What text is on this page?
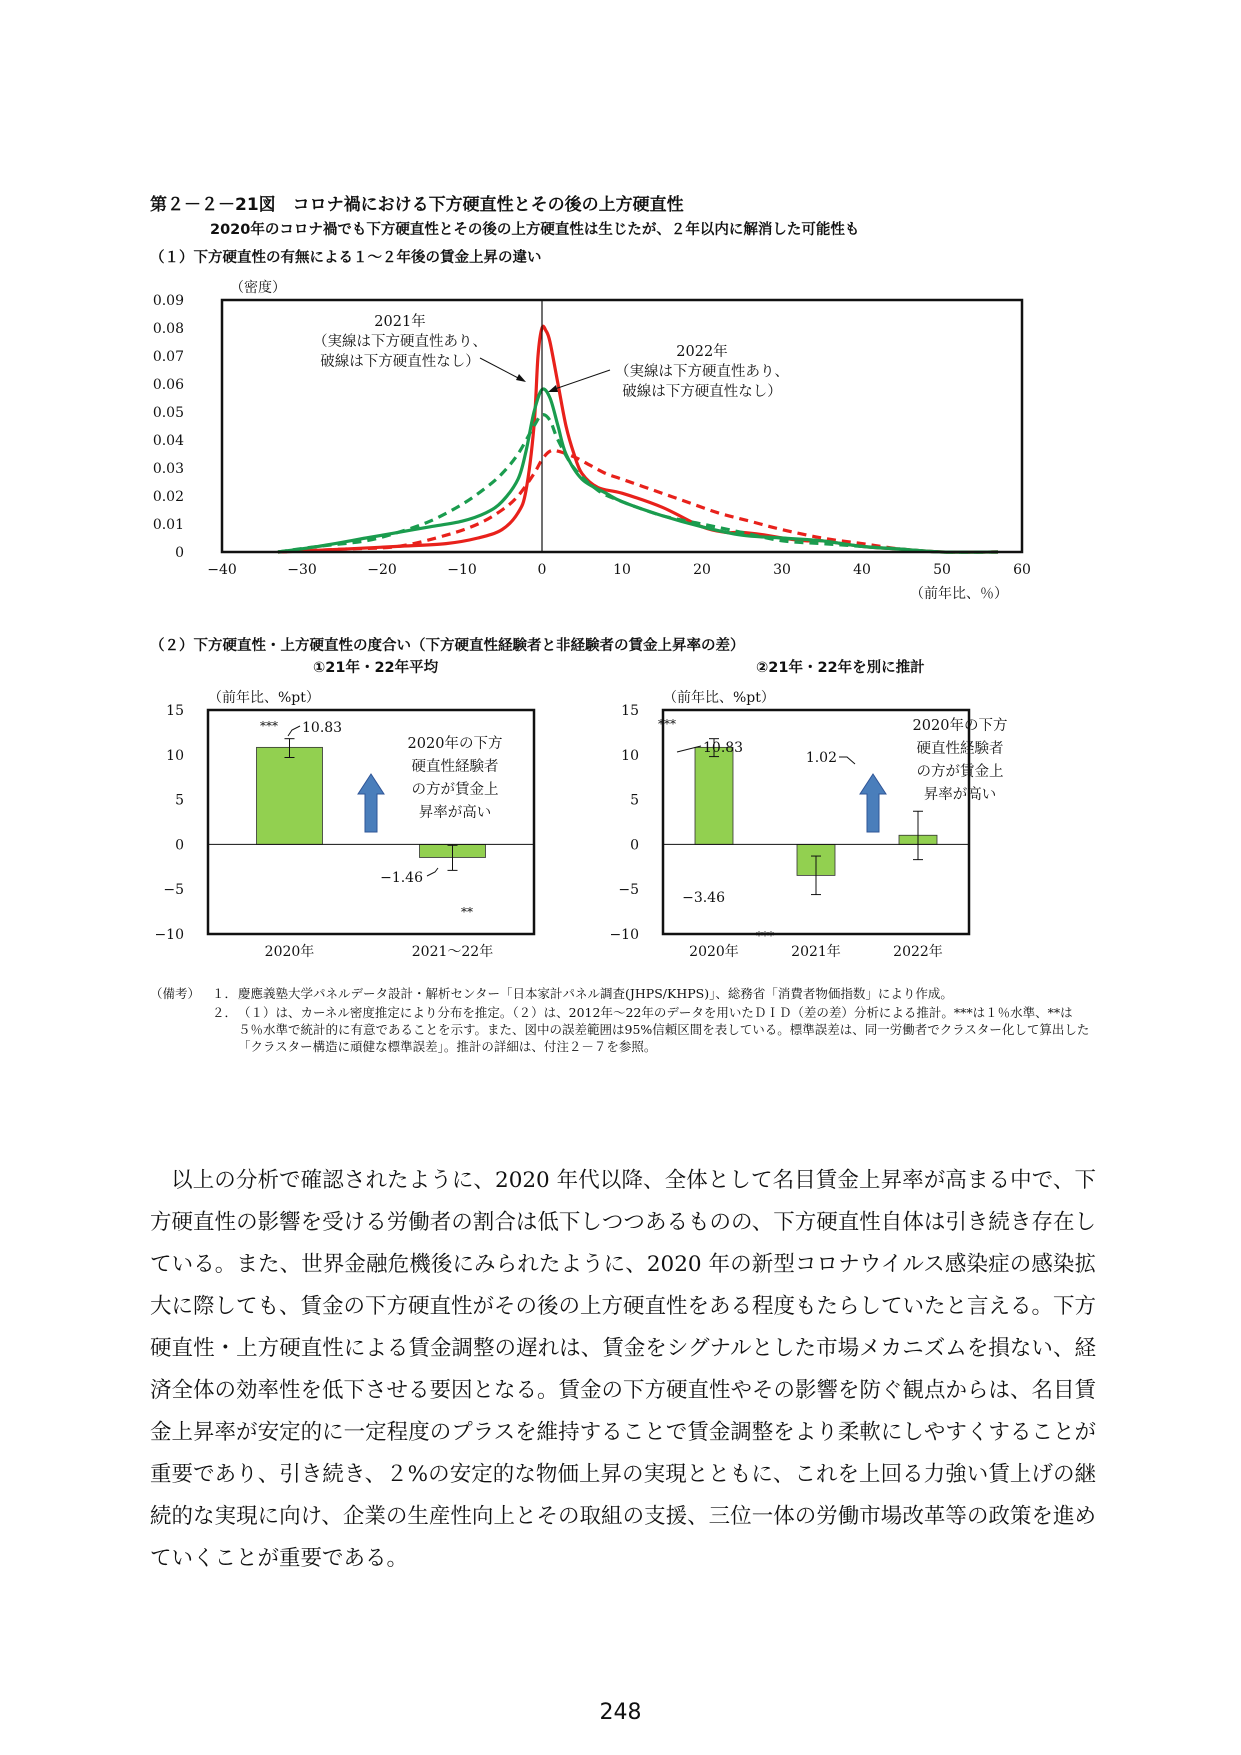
第２－２－21図　コロナ禍における下方硬直性とその後の上方硬直性
2020年のコロナ禍でも下方硬直性とその後の上方硬直性は生じたが、２年以内に解消した可能性も
（１）下方硬直性の有無による１～２年後の賃金上昇の違い
（密度）
0
0.01
0.02
0.03
0.04
0.05
0.06
0.07
0.08
0.09
−40	−30	−20	−10	0	10	20	30	40	50	60
（前年比、％）
2021年
（実線は下方硬直性あり、
破線は下方硬直性なし）
2022年
（実線は下方硬直性あり、
破線は下方硬直性なし）
（２）下方硬直性・上方硬直性の度合い（下方硬直性経験者と非経験者の賃金上昇率の差）
①21年・22年平均	②21年・22年を別に推計
（前年比、%pt）
−10
−5
0
5
10
15
2020年
10.83
***
2021～22年
−1.46
**
2020年の下方
硬直性経験者
の方が賃金上
昇率が高い
（前年比、%pt）
−10
−5
0
5
10
15
2020年
10.83
***
2021年
−3.46
***
2022年
1.02
2020年の下方
硬直性経験者
の方が賃金上
昇率が高い
（備考） １． 慶應義塾大学パネルデータ設計・解析センター「日本家計パネル調査(JHPS/KHPS)」、総務省「消費者物価指数」により作成。
２． （１）は、カーネル密度推定により分布を推定。（２）は、2012年～22年のデータを用いたＤＩＤ（差の差）分析による推計。***は１％水準、**は５％水準で統計的に有意であることを示す。また、図中の誤差範囲は95%信頼区間を表している。標準誤差は、同一労働者でクラスター化して算出した「クラスター構造に頑健な標準誤差」。推計の詳細は、付注２－７を参照。
以上の分析で確認されたように、2020 年代以降、全体として名目賃金上昇率が高まる中で、下方硬直性の影響を受ける労働者の割合は低下しつつあるものの、下方硬直性自体は引き続き存在している。また、世界金融危機後にみられたように、2020 年の新型コロナウイルス感染症の感染拡大に際しても、賃金の下方硬直性がその後の上方硬直性をある程度もたらしていたと言える。下方硬直性・上方硬直性による賃金調整の遅れは、賃金をシグナルとした市場メカニズムを損ない、経済全体の効率性を低下させる要因となる。賃金の下方硬直性やその影響を防ぐ観点からは、名目賃金上昇率が安定的に一定程度のプラスを維持することで賃金調整をより柔軟にしやすくすることが重要であり、引き続き、２%の安定的な物価上昇の実現とともに、これを上回る力強い賃上げの継続的な実現に向け、企業の生産性向上とその取組の支援、三位一体の労働市場改革等の政策を進めていくことが重要である。
248
